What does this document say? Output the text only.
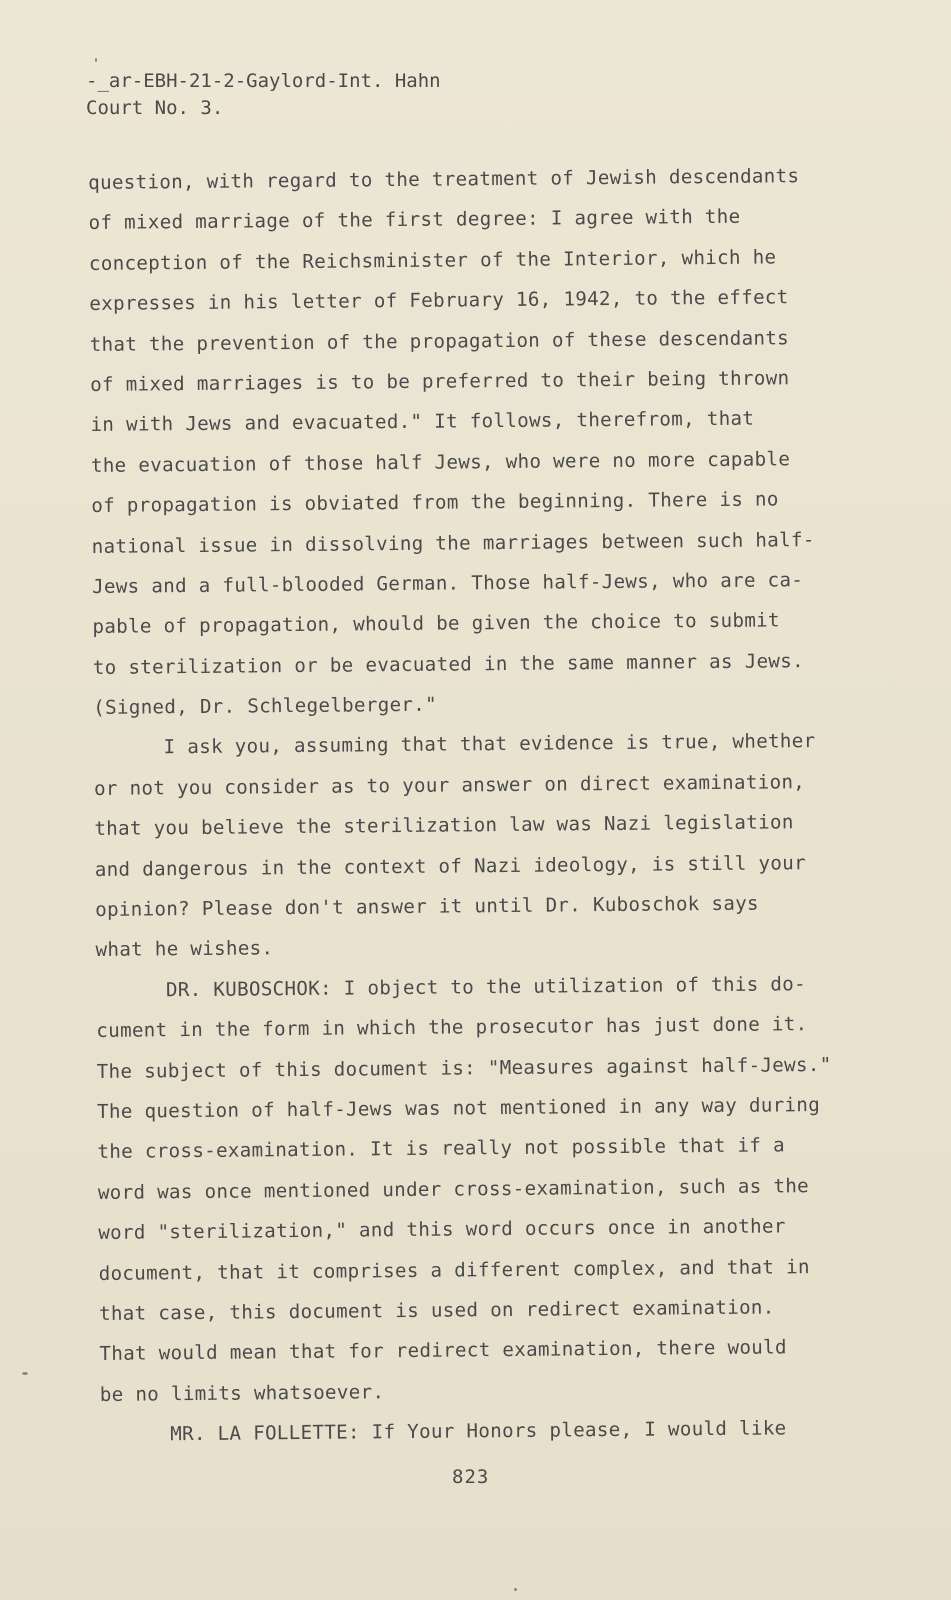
-_ar-EBH-21-2-Gaylord-Int. Hahn
Court No. 3.
question, with regard to the treatment of Jewish descendants
of mixed marriage of the first degree: I agree with the
conception of the Reichsminister of the Interior, which he
expresses in his letter of February 16, 1942, to the effect
that the prevention of the propagation of these descendants
of mixed marriages is to be preferred to their being thrown
in with Jews and evacuated." It follows, therefrom, that
the evacuation of those half Jews, who were no more capable
of propagation is obviated from the beginning. There is no
national issue in dissolving the marriages between such half-
Jews and a full-blooded German. Those half-Jews, who are ca-
pable of propagation, whould be given the choice to submit
to sterilization or be evacuated in the same manner as Jews.
(Signed, Dr. Schlegelberger."
I ask you, assuming that that evidence is true, whether
or not you consider as to your answer on direct examination,
that you believe the sterilization law was Nazi legislation
and dangerous in the context of Nazi ideology, is still your
opinion? Please don't answer it until Dr. Kuboschok says
what he wishes.
DR. KUBOSCHOK: I object to the utilization of this do-
cument in the form in which the prosecutor has just done it.
The subject of this document is: "Measures against half-Jews."
The question of half-Jews was not mentioned in any way during
the cross-examination. It is really not possible that if a
word was once mentioned under cross-examination, such as the
word "sterilization," and this word occurs once in another
document, that it comprises a different complex, and that in
that case, this document is used on redirect examination.
That would mean that for redirect examination, there would
be no limits whatsoever.
MR. LA FOLLETTE: If Your Honors please, I would like
823
